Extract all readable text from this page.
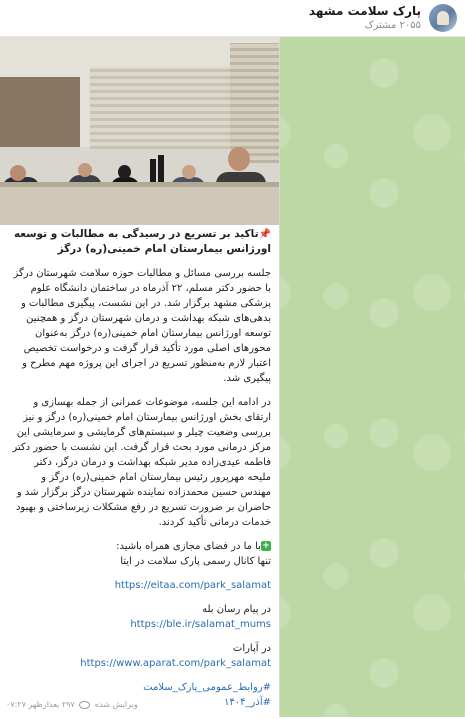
پارک سلامت مشهد
۲۰۵۵ مشترک
📌تاکید بر تسریع در رسیدگی به مطالبات و توسعه اورژانس بیمارستان امام خمینی(ره) درگز
جلسه بررسی مسائل و مطالبات حوزه سلامت شهرستان درگز با حضور دکتر مسلم، ۲۲ آذرماه در ساختمان دانشگاه علوم پزشکی مشهد برگزار شد. در این نشست، پیگیری مطالبات و بدهی‌های شبکه بهداشت و درمان شهرستان درگز و همچنین توسعه اورژانس بیمارستان امام خمینی(ره) درگز به‌عنوان محورهای اصلی مورد تأکید قرار گرفت و درخواست تخصیص اعتبار لازم به‌منظور تسریع در اجرای این پروژه مهم مطرح و پیگیری شد.
در ادامه این جلسه، موضوعات عمرانی از جمله بهسازی و ارتقای بخش اورژانس بیمارستان امام خمینی(ره) درگز و نیز بررسی وضعیت چیلر و سیستم‌های گرمایشی و سرمایشی این مرکز درمانی مورد بحث قرار گرفت. این نشست با حضور دکتر فاطمه عیدی‌زاده مدیر شبکه بهداشت و درمان درگز، دکتر ملیحه مهرپرور رئیس بیمارستان امام خمینی(ره) درگز و مهندس حسین محمدزاده نماینده شهرستان درگز برگزار شد و حاضران بر ضرورت تسریع در رفع مشکلات زیرساختی و بهبود خدمات درمانی تأکید کردند.
+با ما در فضای مجازی همراه باشید:
تنها کانال رسمی پارک سلامت در ایتا
https://eitaa.com/park_salamat
در پیام رسان بله
https://ble.ir/salamat_mums
در آپارات
https://www.aparat.com/park_salamat
#روابط_عمومی_پارک_سلامت
#آذر_۱۴۰۴
ویرایش شده  ۲۹۷ بعدازظهر ۰۷:۲۷
